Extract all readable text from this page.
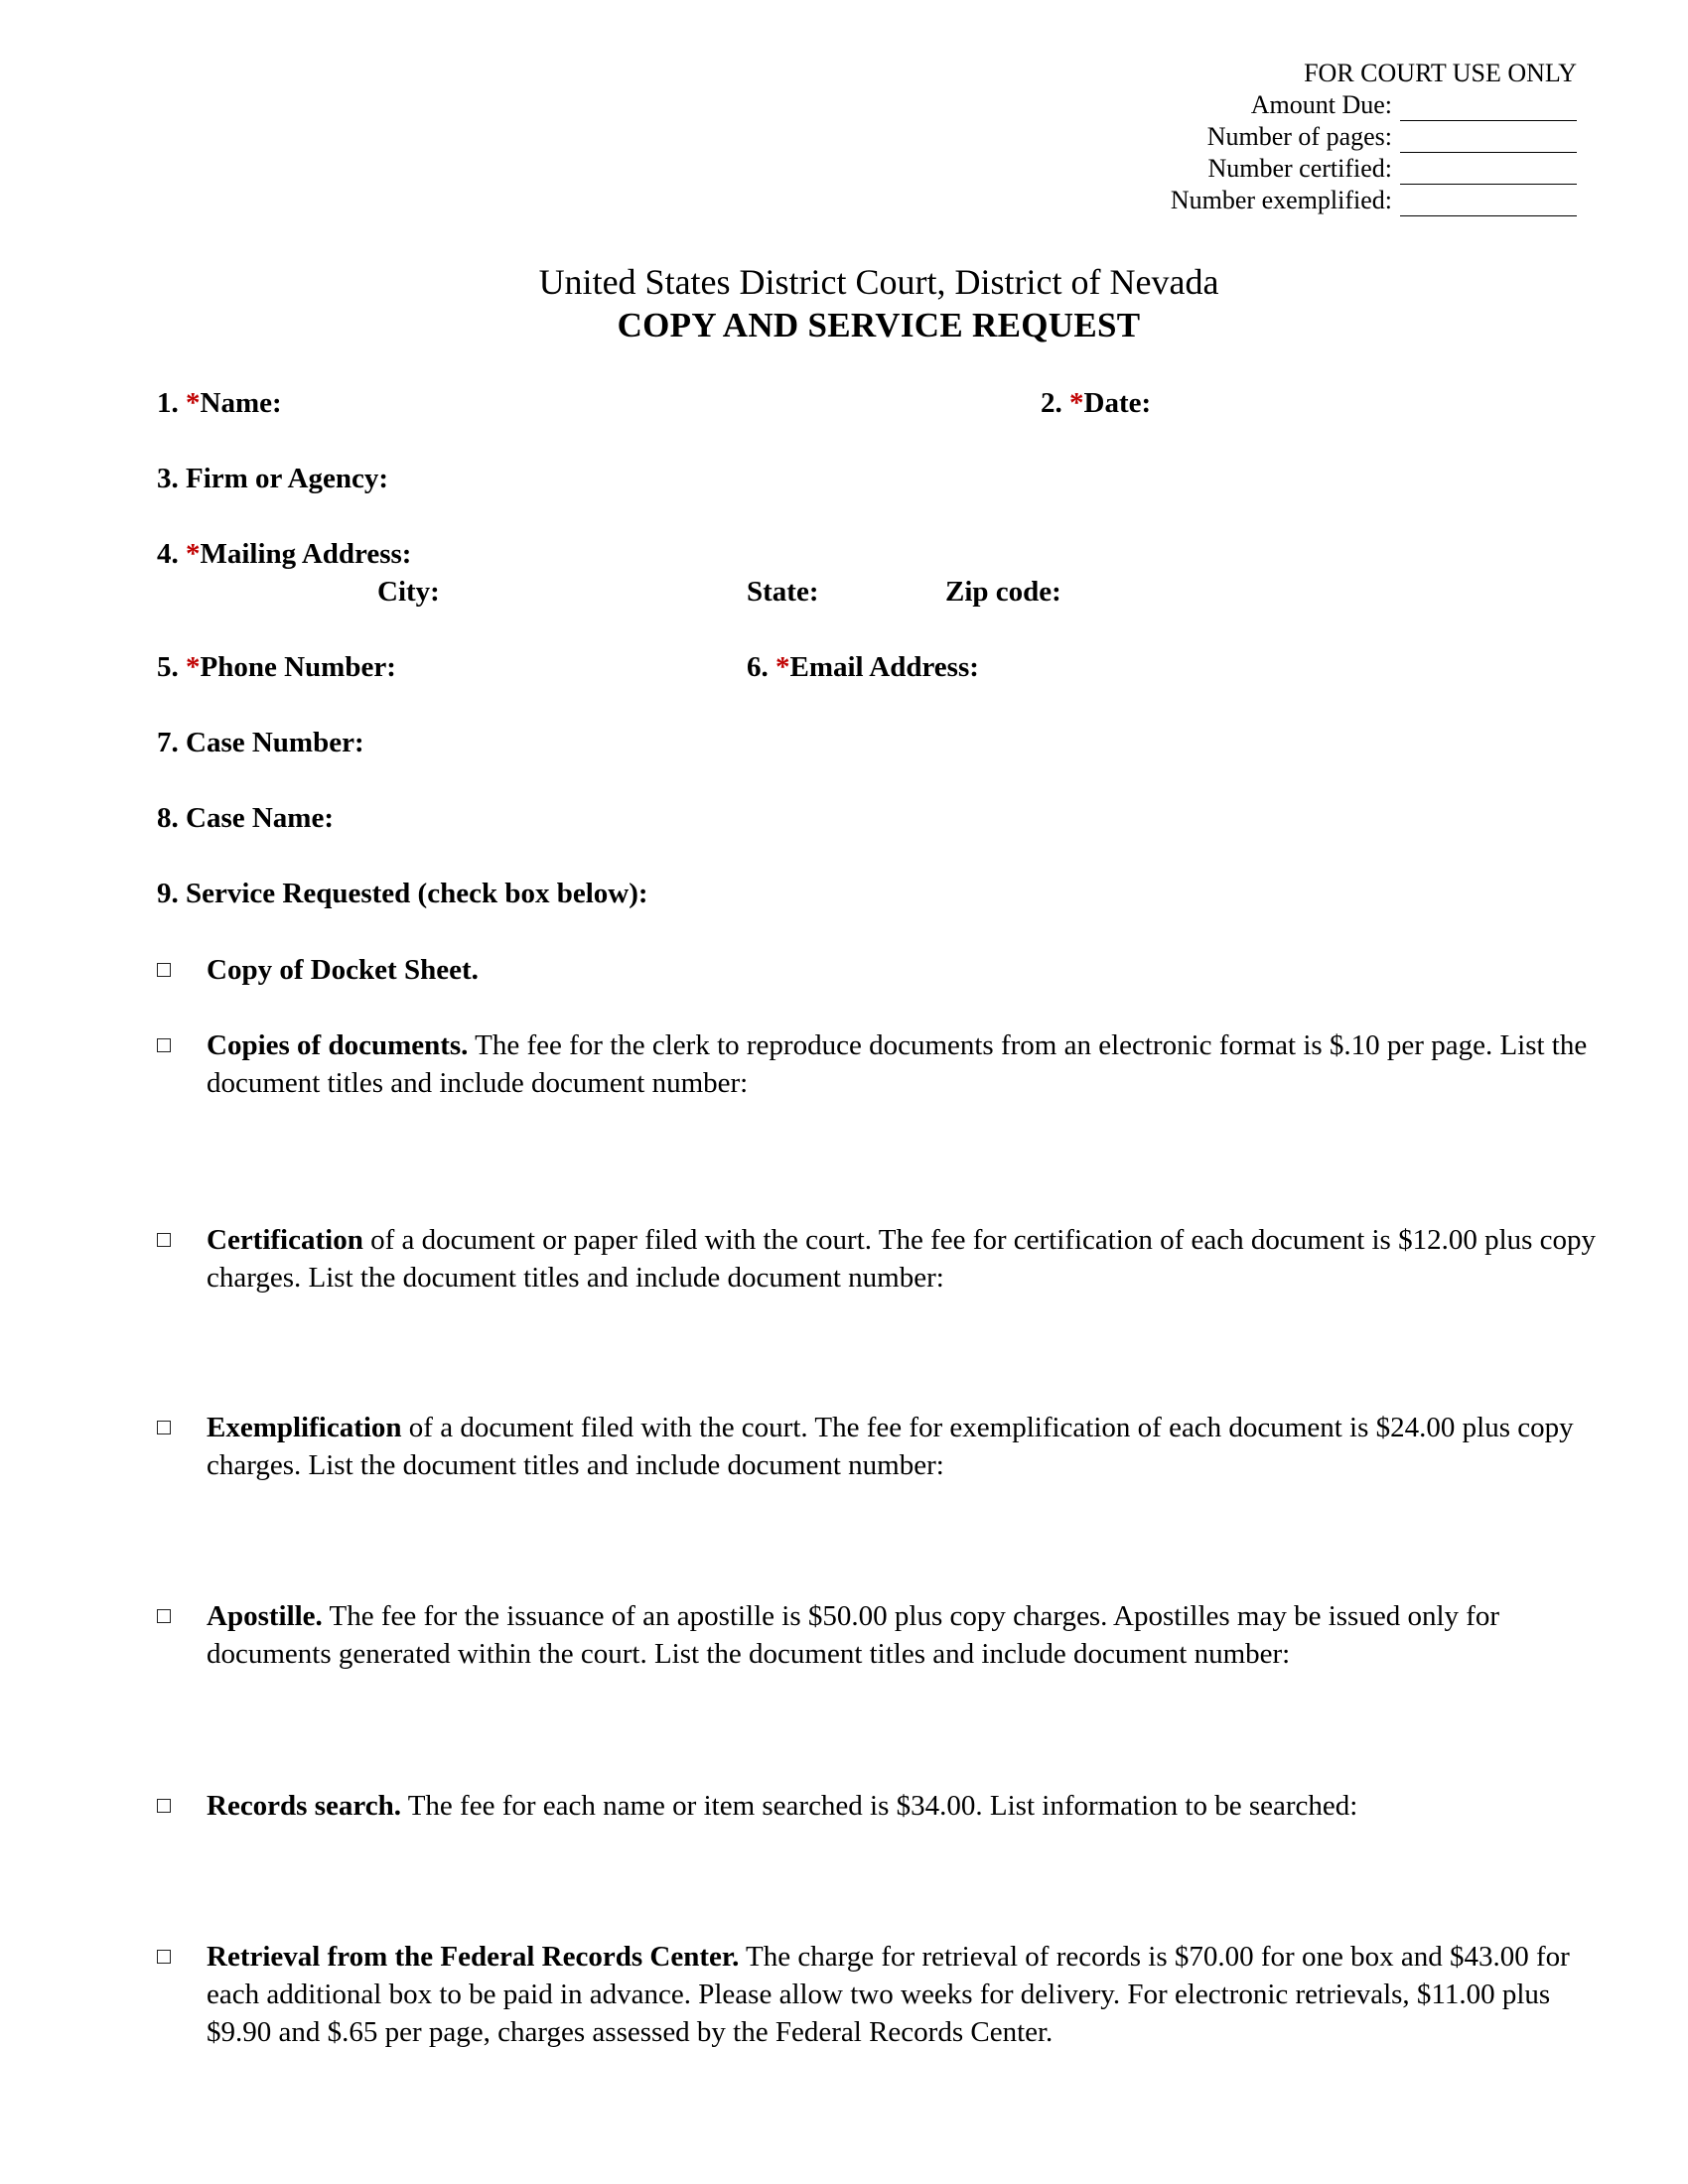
FOR COURT USE ONLY
Amount Due:
Number of pages:
Number certified:
Number exemplified:
United States District Court, District of Nevada
COPY AND SERVICE REQUEST
1. *Name:	2. *Date:
3. Firm or Agency:
4. *Mailing Address:
City:	State:	Zip code:
5. *Phone Number:	6. *Email Address:
7. Case Number:
8. Case Name:
9. Service Requested (check box below):
Copy of Docket Sheet.
Copies of documents. The fee for the clerk to reproduce documents from an electronic format is $.10 per page. List the document titles and include document number:
Certification of a document or paper filed with the court. The fee for certification of each document is $12.00 plus copy charges. List the document titles and include document number:
Exemplification of a document filed with the court. The fee for exemplification of each document is $24.00 plus copy charges. List the document titles and include document number:
Apostille. The fee for the issuance of an apostille is $50.00 plus copy charges. Apostilles may be issued only for documents generated within the court. List the document titles and include document number:
Records search. The fee for each name or item searched is $34.00. List information to be searched:
Retrieval from the Federal Records Center. The charge for retrieval of records is $70.00 for one box and $43.00 for each additional box to be paid in advance. Please allow two weeks for delivery. For electronic retrievals, $11.00 plus $9.90 and $.65 per page, charges assessed by the Federal Records Center.
